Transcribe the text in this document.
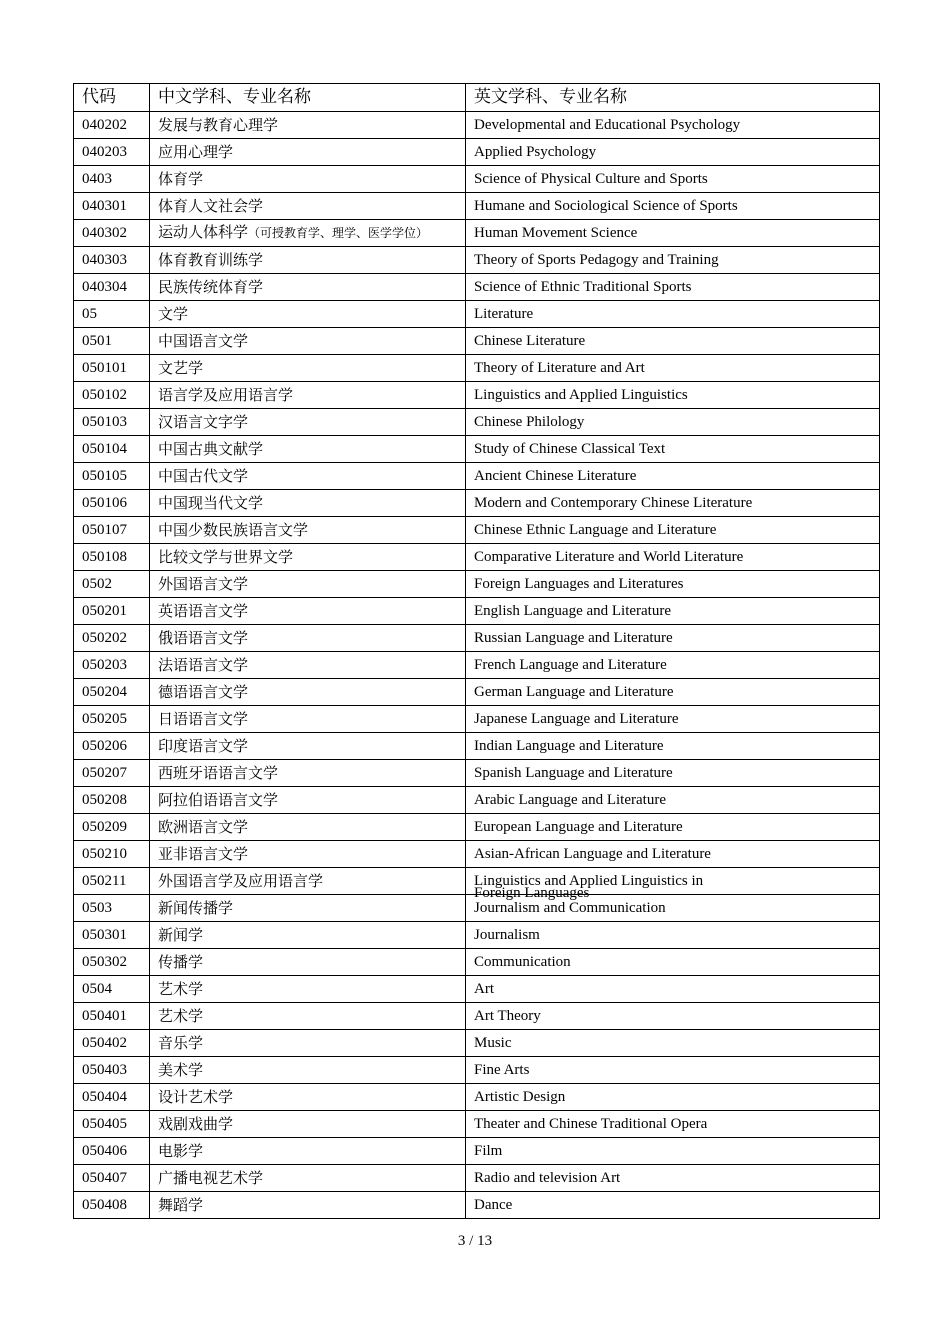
代码	中文学科、专业名称	英文学科、专业名称
040202	发展与教育心理学	Developmental and Educational Psychology
040203	应用心理学	Applied Psychology
0403	体育学	Science of Physical Culture and Sports
040301	体育人文社会学	Humane and Sociological Science of Sports
040302	运动人体科学（可授教育学、理学、医学学位）	Human Movement Science
040303	体育教育训练学	Theory of Sports Pedagogy and Training
040304	民族传统体育学	Science of Ethnic Traditional Sports
05	文学	Literature
0501	中国语言文学	Chinese Literature
050101	文艺学	Theory of Literature and Art
050102	语言学及应用语言学	Linguistics and Applied Linguistics
050103	汉语言文字学	Chinese Philology
050104	中国古典文献学	Study of Chinese Classical Text
050105	中国古代文学	Ancient Chinese Literature
050106	中国现当代文学	Modern and Contemporary Chinese Literature
050107	中国少数民族语言文学	Chinese Ethnic Language and Literature
050108	比较文学与世界文学	Comparative Literature and World Literature
0502	外国语言文学	Foreign Languages and Literatures
050201	英语语言文学	English Language and Literature
050202	俄语语言文学	Russian Language and Literature
050203	法语语言文学	French Language and Literature
050204	德语语言文学	German Language and Literature
050205	日语语言文学	Japanese Language and Literature
050206	印度语言文学	Indian Language and Literature
050207	西班牙语语言文学	Spanish Language and Literature
050208	阿拉伯语语言文学	Arabic Language and Literature
050209	欧洲语言文学	European Language and Literature
050210	亚非语言文学	Asian-African Language and Literature
050211	外国语言学及应用语言学	Linguistics and Applied Linguistics in
Foreign Languages

0503	新闻传播学	Journalism and Communication
050301	新闻学	Journalism
050302	传播学	Communication
0504	艺术学	Art
050401	艺术学	Art Theory
050402	音乐学	Music
050403	美术学	Fine Arts
050404	设计艺术学	Artistic Design
050405	戏剧戏曲学	Theater and Chinese Traditional Opera
050406	电影学	Film
050407	广播电视艺术学	Radio and television Art
050408	舞蹈学	Dance
3 / 13
